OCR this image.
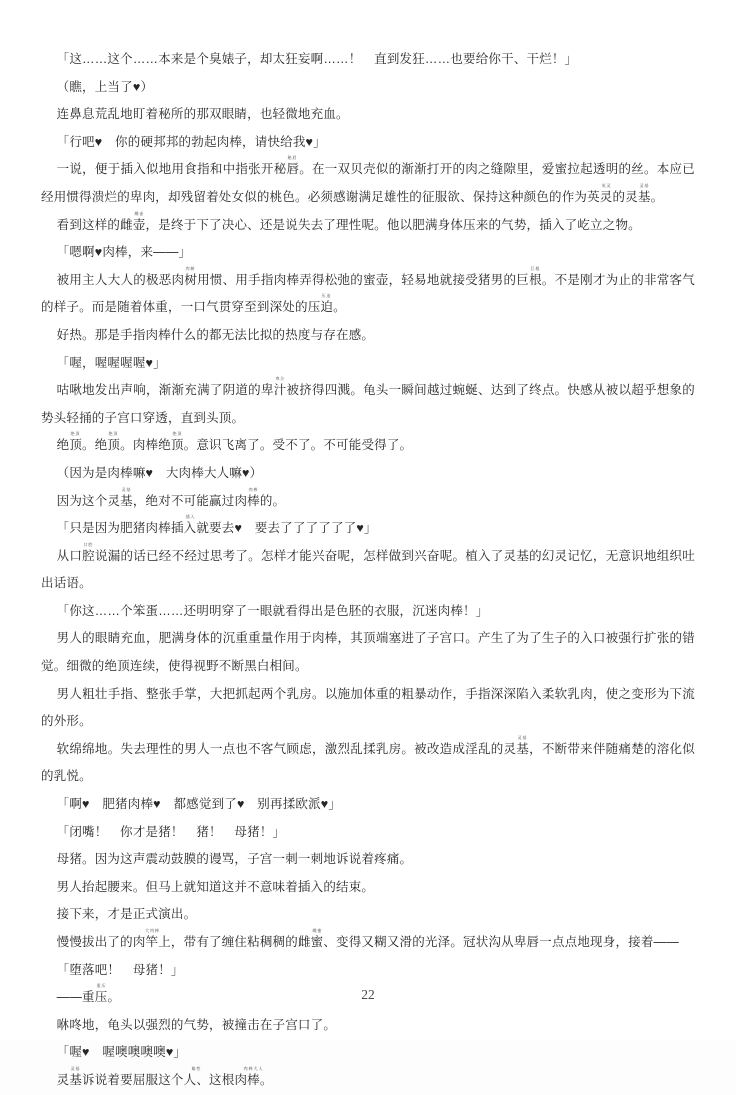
「这……这个……本来是个臭婊子，却太狂妄啊……！　直到发狂……也要给你干、干烂！」

（瞧，上当了♥）

连鼻息荒乱地盯着秘所的那双眼睛，也轻微地充血。

「行吧♥　你的硬邦邦的勃起肉棒，请快给我♥」

一说，便于插入似地用食指和中指张开秘唇
秘唇
。在一双贝壳似的渐渐打开的肉之缝隙里，爱蜜拉起透明的丝。本应已经用惯得溃烂的卑肉，却残留着处女似的桃色。必须感谢满足雄性的征服欲、保持这种颜色的作为英灵
英灵
的灵基
灵基
。

看到这样的雌壶
雌壶
，是终于下了决心、还是说失去了理性呢。他以肥满身体压来的气势，插入了屹立之物。

「嗯啊♥肉棒，来——」

被用主人大人的极恶肉树
肉树
用惯、用手指肉棒弄得松弛的蜜壶，轻易地就接受猪男的巨根
巨根
。不是刚才为止的非常客气的样子。而是随着体重，一口气贯穿至到深处的压迫
压迫
。

好热。那是手指肉棒什么的都无法比拟的热度与存在感。

「喔，喔喔喔喔♥」

咕啾地发出声响，渐渐充满了阴道的卑汁
卑汁
被挤得四溅。龟头一瞬间越过蜿蜒、达到了终点。快感从被以超乎想象的势头轻捅的子宫口穿透，直到头顶。

绝顶
绝顶
。绝顶
绝顶
。肉棒绝顶
绝顶
。意识飞离了。受不了。不可能受得了。

（因为是肉棒嘛♥　大肉棒大人嘛♥）

因为这个灵基
灵基
，绝对不可能赢过肉棒
肉棒
的。

「只是因为肥猪肉棒插入
插入
就要去♥　要去了了了了了了♥」

从口腔
口腔
说漏的话已经不经过思考了。怎样才能兴奋呢，怎样做到兴奋呢。植入了灵基的幻灵记忆，无意识地组织吐出话语。

「你这……个笨蛋……还明明穿了一眼就看得出是色胚的衣服，沉迷肉棒！」

男人的眼睛充血，肥满身体的沉重重量作用于肉棒，其顶端塞进了子宫口。产生了为了生子的入口被强行扩张的错觉。细微的绝顶连续，使得视野不断黑白相间。

男人粗壮手指、整张手掌，大把抓起两个乳房。以施加体重的粗暴动作，手指深深陷入柔软乳肉，使之变形为下流的外形。

软绵绵地。失去理性的男人一点也不客气顾虑，激烈乱揉乳房。被改造成淫乱的灵基
灵基
，不断带来伴随痛楚的溶化似的乳悦。

「啊♥　肥猪肉棒♥　都感觉到了♥　别再揉欧派♥」

「闭嘴！　你才是猪！　猪！　母猪！」

母猪。因为这声震动鼓膜的谩骂，子宫一刺一刺地诉说着疼痛。

男人抬起腰来。但马上就知道这并不意味着插入的结束。

接下来，才是正式演出。

慢慢拔出了的肉竿
大肉棒
上，带有了缠住粘稠稠的雌蜜
雌蜜
、变得又糊又滑的光泽。冠状沟从卑唇一点点地现身，接着——

「堕落吧！　母猪！」

——重压
重压
。

咻咚地，龟头以强烈的气势，被撞击在子宫口了。

「喔♥　喔噢噢噢噢♥」

灵基
灵基
诉说着要屈服这个人
雄性
、这根肉棒
肉棒大人
。

22
